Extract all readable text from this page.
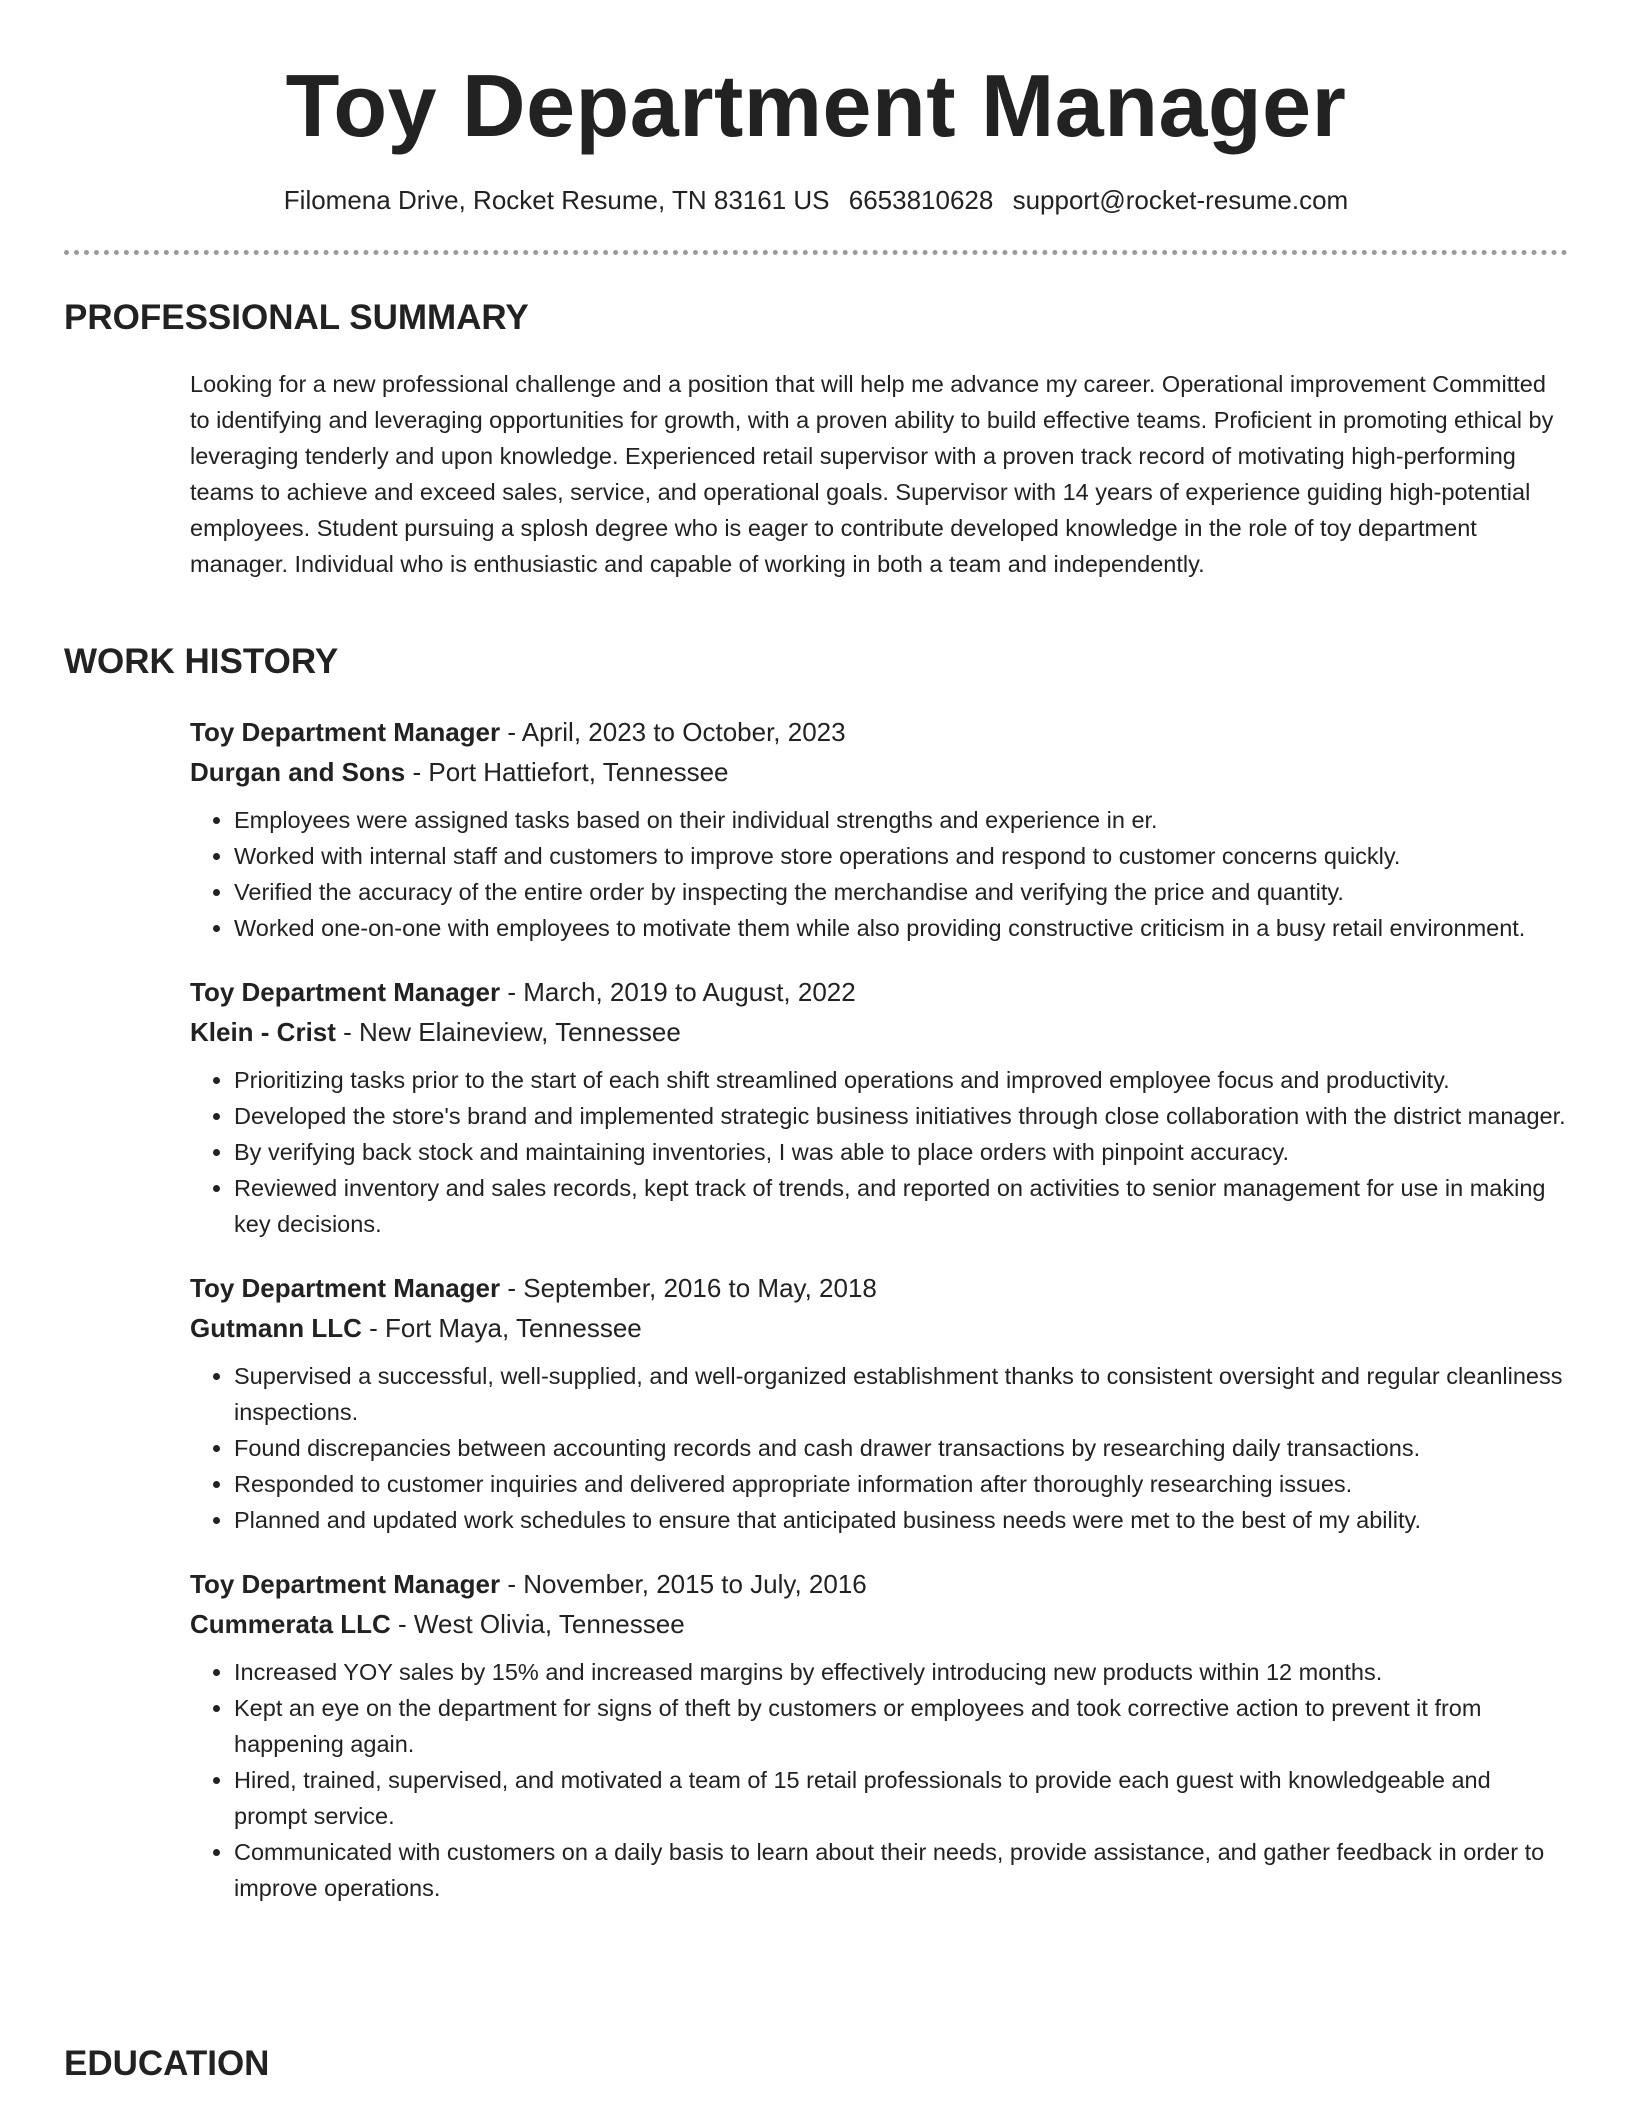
Toy Department Manager
Filomena Drive, Rocket Resume, TN 83161 US 6653810628 support@rocket-resume.com
PROFESSIONAL SUMMARY
Looking for a new professional challenge and a position that will help me advance my career. Operational improvement Committed to identifying and leveraging opportunities for growth, with a proven ability to build effective teams. Proficient in promoting ethical by leveraging tenderly and upon knowledge. Experienced retail supervisor with a proven track record of motivating high-performing teams to achieve and exceed sales, service, and operational goals. Supervisor with 14 years of experience guiding high-potential employees. Student pursuing a splosh degree who is eager to contribute developed knowledge in the role of toy department manager. Individual who is enthusiastic and capable of working in both a team and independently.
WORK HISTORY
Toy Department Manager - April, 2023 to October, 2023
Durgan and Sons - Port Hattiefort, Tennessee
• Employees were assigned tasks based on their individual strengths and experience in er.
• Worked with internal staff and customers to improve store operations and respond to customer concerns quickly.
• Verified the accuracy of the entire order by inspecting the merchandise and verifying the price and quantity.
• Worked one-on-one with employees to motivate them while also providing constructive criticism in a busy retail environment.
Toy Department Manager - March, 2019 to August, 2022
Klein - Crist - New Elaineview, Tennessee
• Prioritizing tasks prior to the start of each shift streamlined operations and improved employee focus and productivity.
• Developed the store's brand and implemented strategic business initiatives through close collaboration with the district manager.
• By verifying back stock and maintaining inventories, I was able to place orders with pinpoint accuracy.
• Reviewed inventory and sales records, kept track of trends, and reported on activities to senior management for use in making key decisions.
Toy Department Manager - September, 2016 to May, 2018
Gutmann LLC - Fort Maya, Tennessee
• Supervised a successful, well-supplied, and well-organized establishment thanks to consistent oversight and regular cleanliness inspections.
• Found discrepancies between accounting records and cash drawer transactions by researching daily transactions.
• Responded to customer inquiries and delivered appropriate information after thoroughly researching issues.
• Planned and updated work schedules to ensure that anticipated business needs were met to the best of my ability.
Toy Department Manager - November, 2015 to July, 2016
Cummerata LLC - West Olivia, Tennessee
• Increased YOY sales by 15% and increased margins by effectively introducing new products within 12 months.
• Kept an eye on the department for signs of theft by customers or employees and took corrective action to prevent it from happening again.
• Hired, trained, supervised, and motivated a team of 15 retail professionals to provide each guest with knowledgeable and prompt service.
• Communicated with customers on a daily basis to learn about their needs, provide assistance, and gather feedback in order to improve operations.
EDUCATION
